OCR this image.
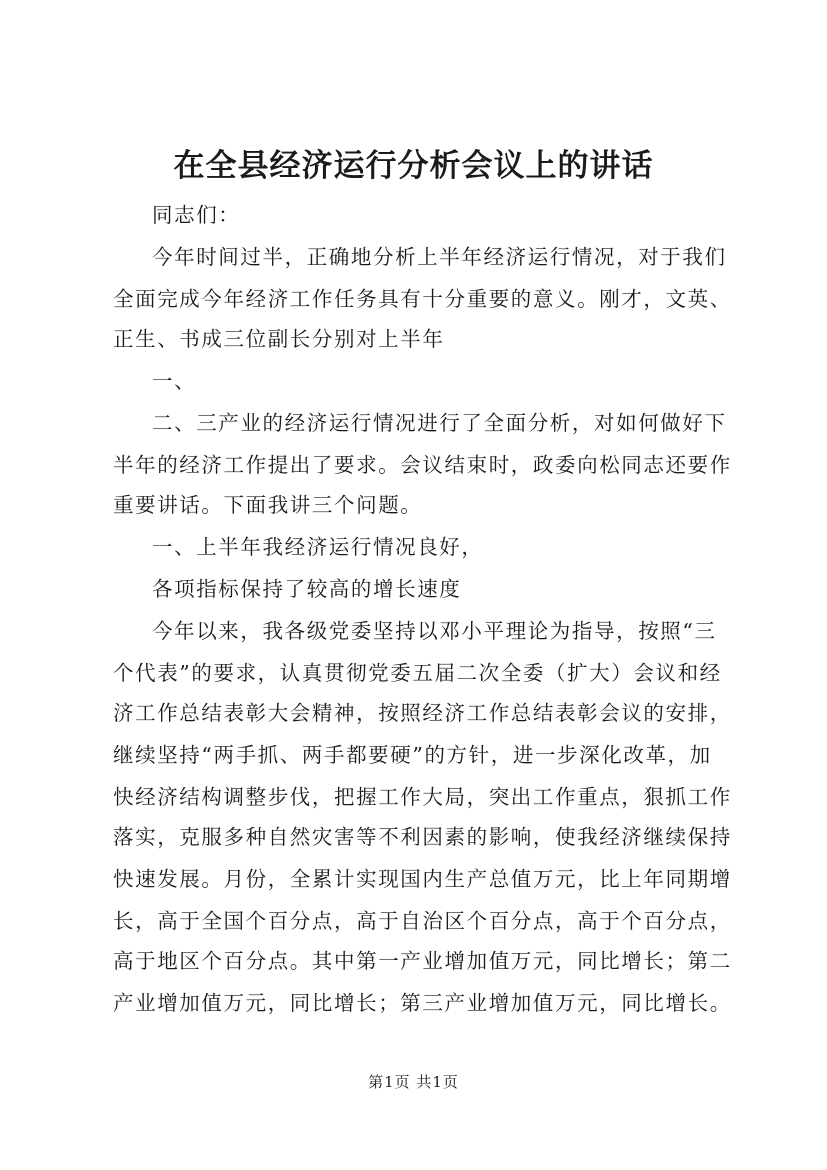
在全县经济运行分析会议上的讲话
同志们：
今年时间过半，正确地分析上半年经济运行情况，对于我们
全面完成今年经济工作任务具有十分重要的意义。刚才，文英、
正生、书成三位副长分别对上半年
一、
二、三产业的经济运行情况进行了全面分析，对如何做好下
半年的经济工作提出了要求。会议结束时，政委向松同志还要作
重要讲话。下面我讲三个问题。
一、上半年我经济运行情况良好，
各项指标保持了较高的增长速度
今年以来，我各级党委坚持以邓小平理论为指导，按照“三
个代表”的要求，认真贯彻党委五届二次全委（扩大）会议和经
济工作总结表彰大会精神，按照经济工作总结表彰会议的安排，
继续坚持“两手抓、两手都要硬”的方针，进一步深化改革，加
快经济结构调整步伐，把握工作大局，突出工作重点，狠抓工作
落实，克服多种自然灾害等不利因素的影响，使我经济继续保持
快速发展。月份，全累计实现国内生产总值万元，比上年同期增
长，高于全国个百分点，高于自治区个百分点，高于个百分点，
高于地区个百分点。其中第一产业增加值万元，同比增长；第二
产业增加值万元，同比增长；第三产业增加值万元，同比增长。
第1页 共1页
